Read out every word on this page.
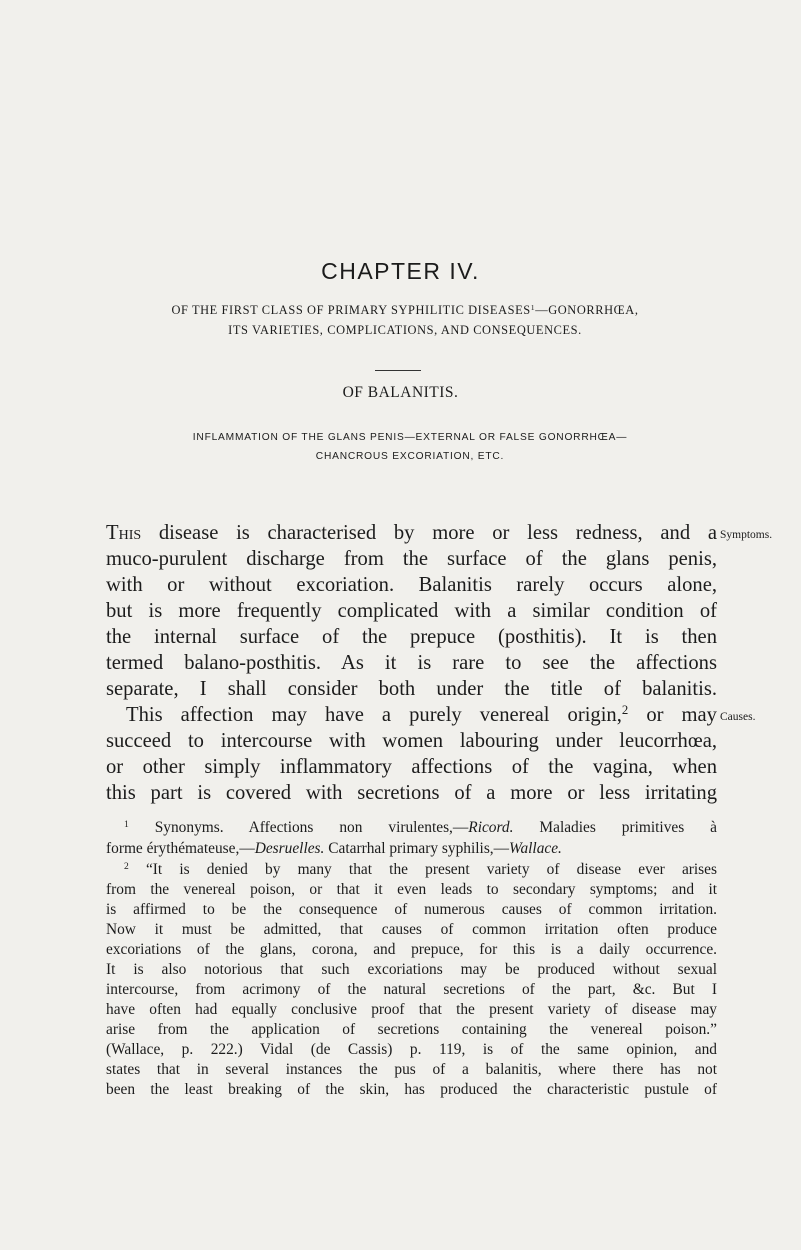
CHAPTER IV.

OF THE FIRST CLASS OF PRIMARY SYPHILITIC DISEASES$^1$—GONORRHŒA,
ITS VARIETIES, COMPLICATIONS, AND CONSEQUENCES.

OF BALANITIS.

INFLAMMATION OF THE GLANS PENIS—EXTERNAL OR FALSE GONORRHŒA—
CHANCROUS EXCORIATION, ETC.

This disease is characterised by more or less redness, and a Symptoms.
muco-purulent discharge from the surface of the glans penis,
with or without excoriation. Balanitis rarely occurs alone,
but is more frequently complicated with a similar condition of
the internal surface of the prepuce (posthitis). It is then
termed balano-posthitis. As it is rare to see the affections
separate, I shall consider both under the title of balanitis.
This affection may have a purely venereal origin,$^2$ or may Causes.
succeed to intercourse with women labouring under leucorrhœa,
or other simply inflammatory affections of the vagina, when
this part is covered with secretions of a more or less irritating
$^1$ Synonyms. Affections non virulentes,—Ricord. Maladies primitives à
forme érythémateuse,—Desruelles. Catarrhal primary syphilis,—Wallace.
$^2$ “It is denied by many that the present variety of disease ever arises
from the venereal poison, or that it even leads to secondary symptoms; and it
is affirmed to be the consequence of numerous causes of common irritation.
Now it must be admitted, that causes of common irritation often produce
excoriations of the glans, corona, and prepuce, for this is a daily occurrence.
It is also notorious that such excoriations may be produced without sexual
intercourse, from acrimony of the natural secretions of the part, &c. But I
have often had equally conclusive proof that the present variety of disease may
arise from the application of secretions containing the venereal poison.”
(Wallace, p. 222.) Vidal (de Cassis) p. 119, is of the same opinion, and
states that in several instances the pus of a balanitis, where there has not
been the least breaking of the skin, has produced the characteristic pustule of
